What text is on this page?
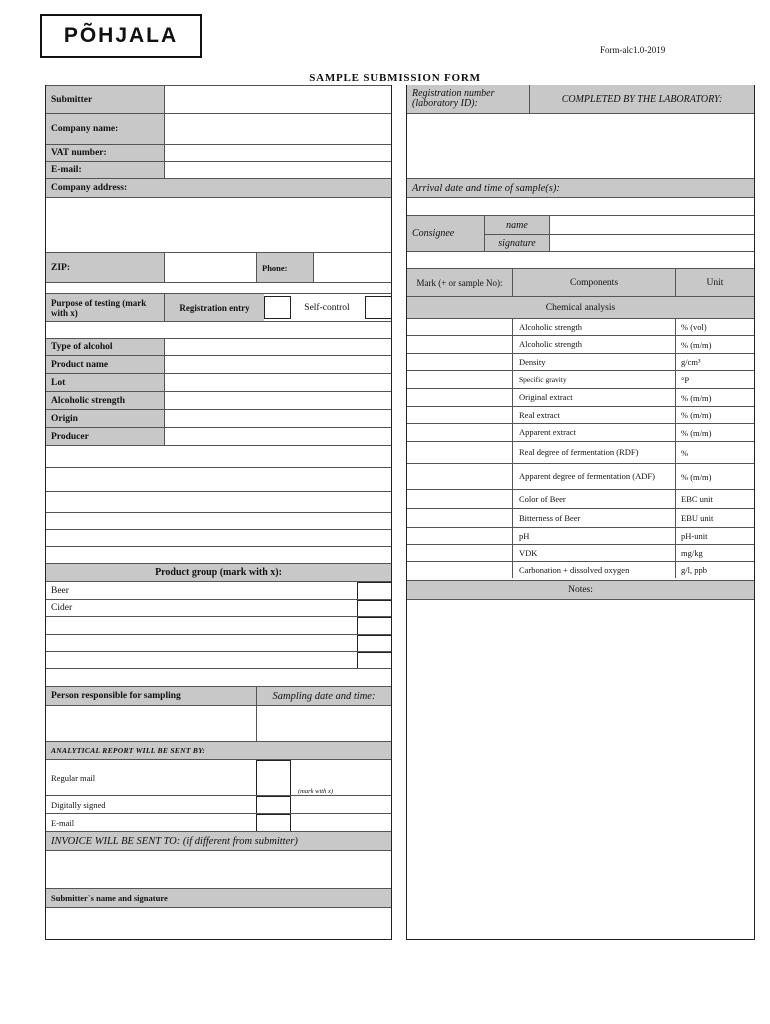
PÕHJALA
Form-alc1.0-2019
SAMPLE SUBMISSION FORM
Submitter
Company name:
VAT number:
E-mail:
Company address:
ZIP:	Phone:
Purpose of testing (mark with x)	Registration entry	Self-control
Type of alcohol
Product name
Lot
Alcoholic strength
Origin
Producer
Product group (mark with x):
Beer
Cider
Person responsible for sampling	Sampling date and time:
ANALYTICAL REPORT WILL BE SENT BY:
Regular mail
(mark with x)
Digitally signed
E-mail
INVOICE WILL BE SENT TO: (if different from submitter)
Submitter`s name and signature
Registration number (laboratory ID):	COMPLETED BY THE LABORATORY:
Arrival date and time of sample(s):
Consignee
name
signature
Mark (+ or sample No):	Components	Unit
Chemical analysis
Alcoholic strength	% (vol)
Alcoholic strength	% (m/m)
Density	g/cm³
Specific gravity	°P
Original extract	% (m/m)
Real extract	% (m/m)
Apparent extract	% (m/m)
Real degree of fermentation (RDF)	%
Apparent degree of fermentation (ADF)	% (m/m)
Color of Beer	EBC unit
Bitterness of Beer	EBU unit
pH	pH-unit
VDK	mg/kg
Carbonation + dissolved oxygen	g/l, ppb
Notes:
